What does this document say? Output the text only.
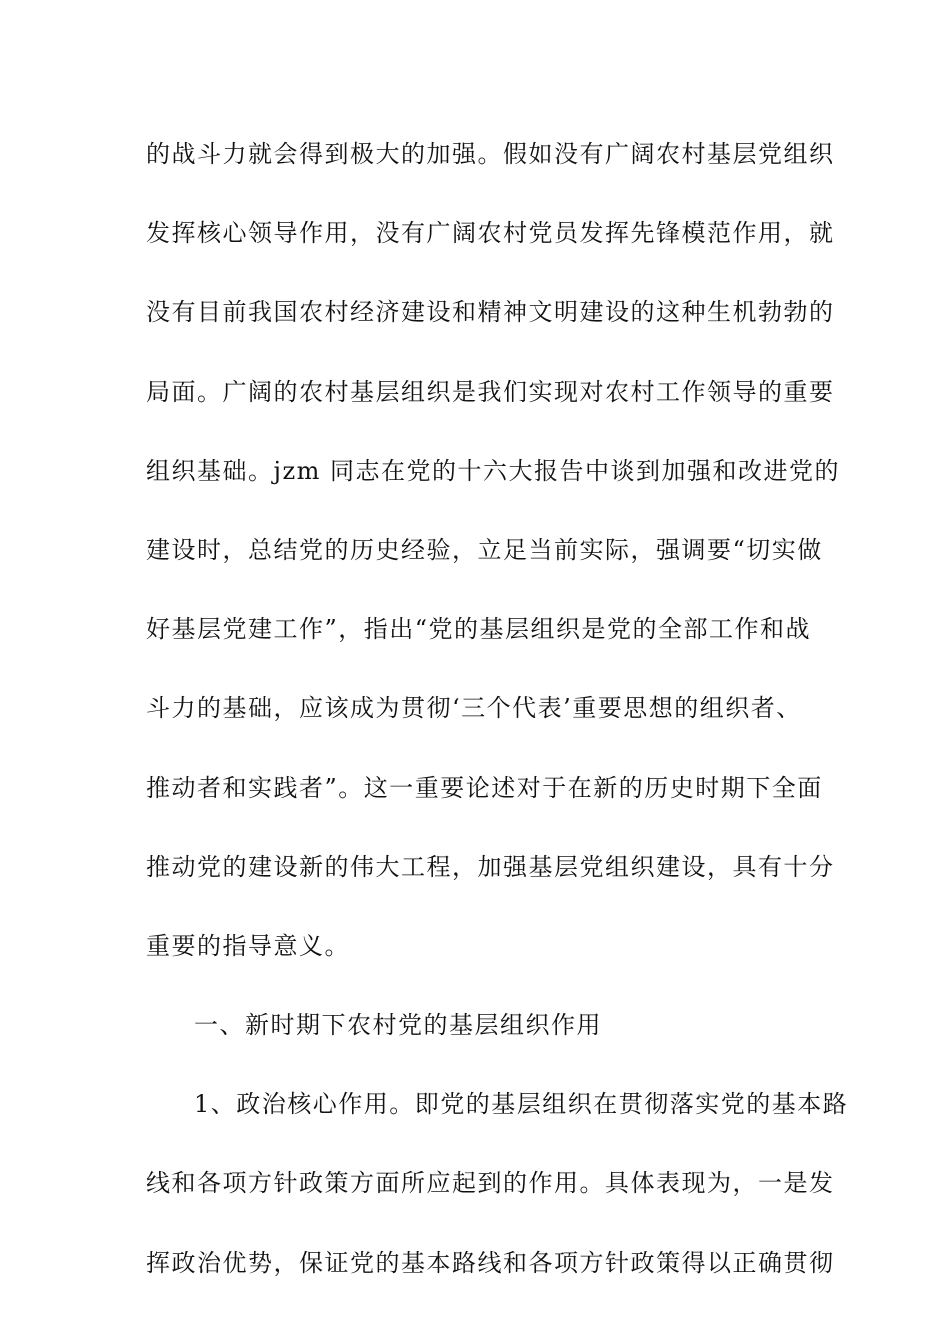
的战斗力就会得到极大的加强。假如没有广阔农村基层党组织
发挥核心领导作用，没有广阔农村党员发挥先锋模范作用，就
没有目前我国农村经济建设和精神文明建设的这种生机勃勃的
局面。广阔的农村基层组织是我们实现对农村工作领导的重要
组织基础。jzm 同志在党的十六大报告中谈到加强和改进党的
建设时，总结党的历史经验，立足当前实际，强调要“切实做
好基层党建工作”，指出“党的基层组织是党的全部工作和战
斗力的基础，应该成为贯彻‘三个代表’重要思想的组织者、
推动者和实践者”。这一重要论述对于在新的历史时期下全面
推动党的建设新的伟大工程，加强基层党组织建设，具有十分
重要的指导意义。
一、新时期下农村党的基层组织作用
1、政治核心作用。即党的基层组织在贯彻落实党的基本路
线和各项方针政策方面所应起到的作用。具体表现为，一是发
挥政治优势，保证党的基本路线和各项方针政策得以正确贯彻
